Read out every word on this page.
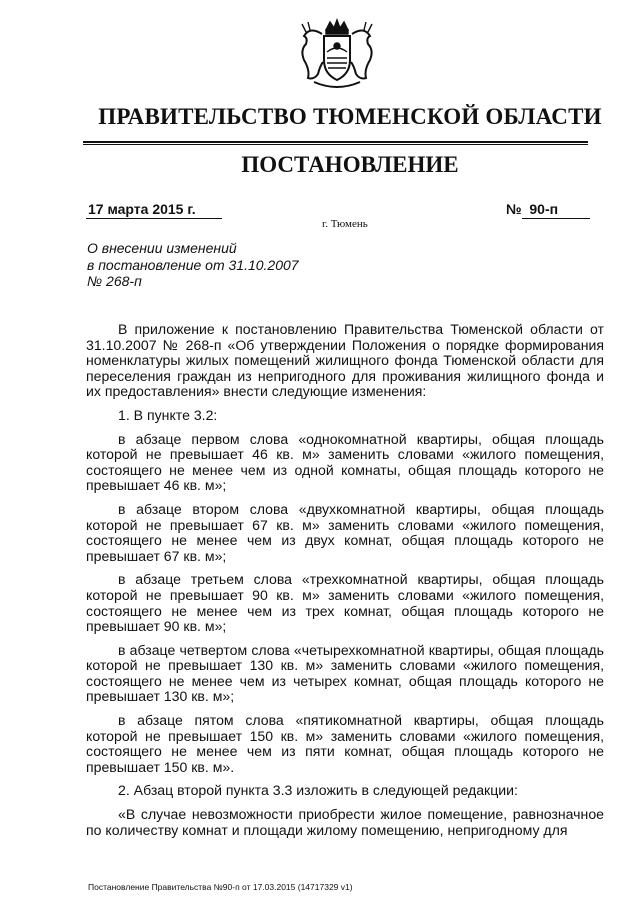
ПРАВИТЕЛЬСТВО ТЮМЕНСКОЙ ОБЛАСТИ
ПОСТАНОВЛЕНИЕ
17 марта 2015 г.	№ 90-п
г. Тюмень
О внесении изменений
в постановление от 31.10.2007
№ 268-п

В приложение к постановлению Правительства Тюменской области от 31.10.2007 № 268-п «Об утверждении Положения о порядке формирования номенклатуры жилых помещений жилищного фонда Тюменской области для переселения граждан из непригодного для проживания жилищного фонда и их предоставления» внести следующие изменения:

1. В пункте 3.2:

в абзаце первом слова «однокомнатной квартиры, общая площадь которой не превышает 46 кв. м» заменить словами «жилого помещения, состоящего не менее чем из одной комнаты, общая площадь которого не превышает 46 кв. м»;

в абзаце втором слова «двухкомнатной квартиры, общая площадь которой не превышает 67 кв. м» заменить словами «жилого помещения, состоящего не менее чем из двух комнат, общая площадь которого не превышает 67 кв. м»;

в абзаце третьем слова «трехкомнатной квартиры, общая площадь которой не превышает 90 кв. м» заменить словами «жилого помещения, состоящего не менее чем из трех комнат, общая площадь которого не превышает 90 кв. м»;

в абзаце четвертом слова «четырехкомнатной квартиры, общая площадь которой не превышает 130 кв. м» заменить словами «жилого помещения, состоящего не менее чем из четырех комнат, общая площадь которого не превышает 130 кв. м»;

в абзаце пятом слова «пятикомнатной квартиры, общая площадь которой не превышает 150 кв. м» заменить словами «жилого помещения, состоящего не менее чем из пяти комнат, общая площадь которого не превышает 150 кв. м».

2. Абзац второй пункта 3.3 изложить в следующей редакции:

«В случае невозможности приобрести жилое помещение, равнозначное по количеству комнат и площади жилому помещению, непригодному для

Постановление Правительства №90-п от 17.03.2015 (14717329 v1)
